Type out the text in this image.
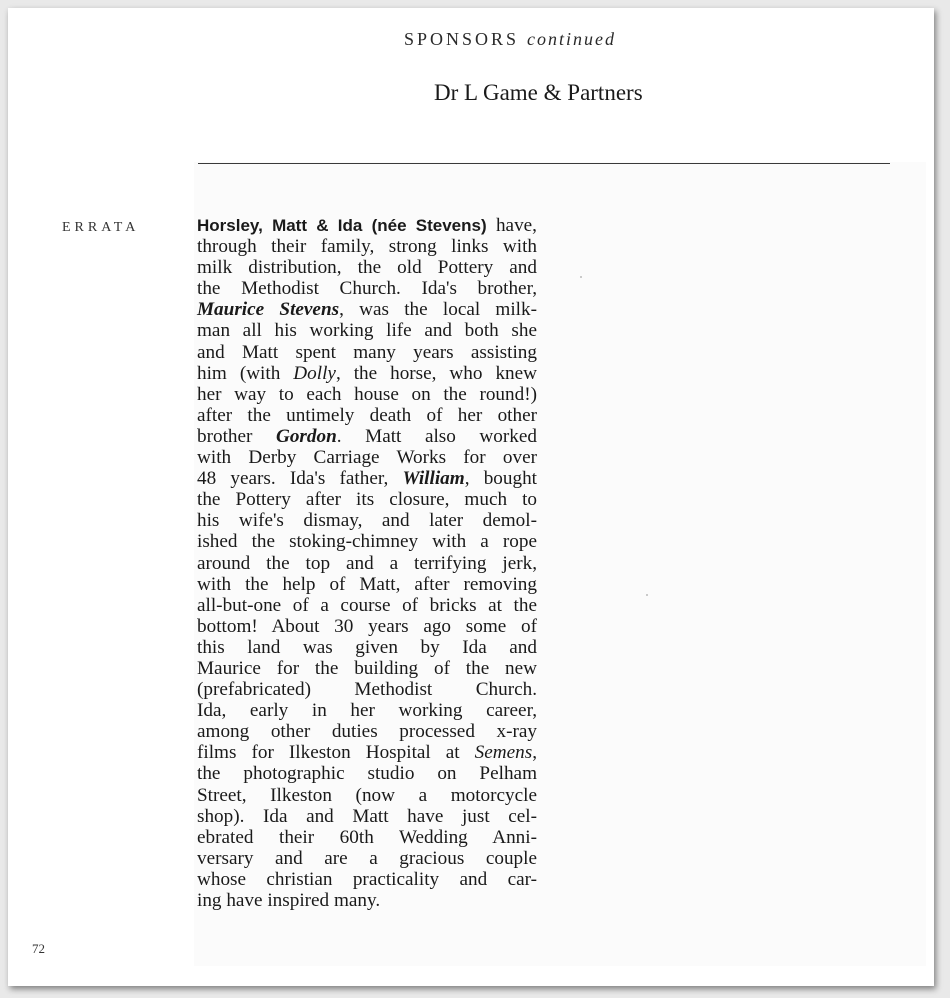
SPONSORS continued
Dr L Game & Partners
ERRATA	Horsley, Matt & Ida (née Stevens) have,
through their family, strong links with
milk distribution, the old Pottery and
the Methodist Church. Ida's brother,
Maurice Stevens, was the local milk-
man all his working life and both she
and Matt spent many years assisting
him (with Dolly, the horse, who knew
her way to each house on the round!)
after the untimely death of her other
brother Gordon. Matt also worked
with Derby Carriage Works for over
48 years. Ida's father, William, bought
the Pottery after its closure, much to
his wife's dismay, and later demol-
ished the stoking-chimney with a rope
around the top and a terrifying jerk,
with the help of Matt, after removing
all-but-one of a course of bricks at the
bottom! About 30 years ago some of
this land was given by Ida and
Maurice for the building of the new
(prefabricated) Methodist Church.
Ida, early in her working career,
among other duties processed x-ray
films for Ilkeston Hospital at Semens,
the photographic studio on Pelham
Street, Ilkeston (now a motorcycle
shop). Ida and Matt have just cel-
ebrated their 60th Wedding Anni-
versary and are a gracious couple
whose christian practicality and car-
ing have inspired many.
72
